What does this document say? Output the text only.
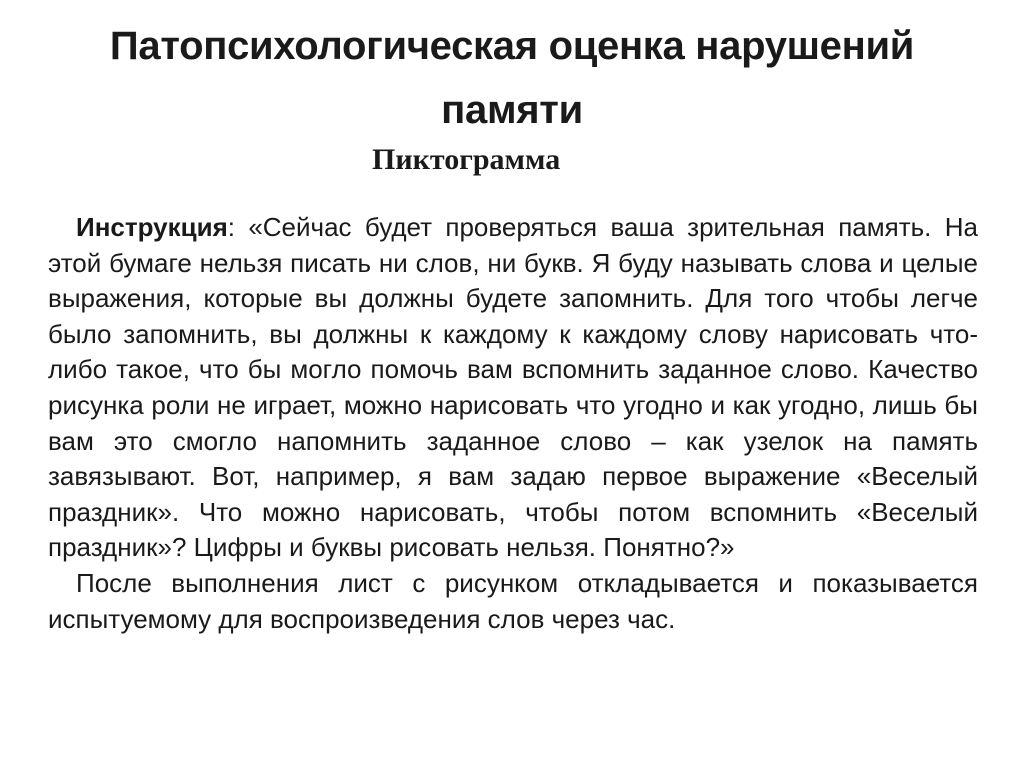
Патопсихологическая оценка нарушений памяти
Пиктограмма

Инструкция: «Сейчас будет проверяться ваша зрительная память. На этой бумаге нельзя писать ни слов, ни букв. Я буду называть слова и целые выражения, которые вы должны будете запомнить. Для того чтобы легче было запомнить, вы должны к каждому к каждому слову нарисовать что-либо такое, что бы могло помочь вам вспомнить заданное слово. Качество рисунка роли не играет, можно нарисовать что угодно и как угодно, лишь бы вам это смогло напомнить заданное слово – как узелок на память завязывают. Вот, например, я вам задаю первое выражение «Веселый праздник». Что можно нарисовать, чтобы потом вспомнить «Веселый праздник»? Цифры и буквы рисовать нельзя. Понятно?»

После выполнения лист с рисунком откладывается и показывается испытуемому для воспроизведения слов через час.
